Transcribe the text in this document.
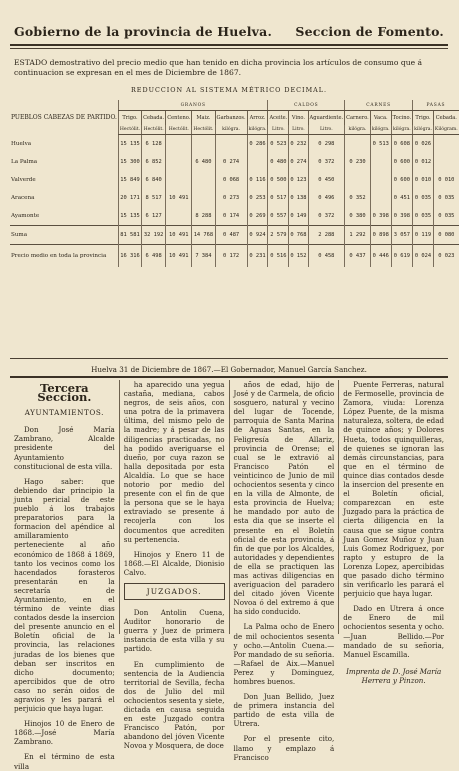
Gobierno de la provincia de Huelva. Seccion de Fomento.
ESTADO demostrativo del precio medio que han tenido en dicha provincia los artículos de consumo que á continuacion se expresan en el mes de Diciembre de 1867.
REDUCCION AL SISTEMA MÉTRICO DECIMAL.
PUEBLOS CABEZAS DE PARTIDO.	GRANOS						CALDOS			CARNES			PASAS	
	Trigo.	Cebada.	Centeno.	Maiz.	Garbanzos.	Arroz.	Aceite.	Vino.	Aguardiente.	Carnero.	Vaca.	Tocino.	Trigo.	Cebada.
	Hectólit.	Hectólit.	Hectólit.	Hectólit.	kilógra.	kilógra.	Litro.	Litro.	Litro.	kilógra.	kilógra.	kilógra.	kilógra.	Kilógram.
Huelva	15 135	6 128				0 286	0 523	0 232	0 298		0 513	0 608	0 026	
La Palma	15 300	6 852		6 480	0 274		0 480	0 274	0 372	0 230		0 600	0 012	
Valverde	15 849	6 840			0 068	0 116	0 500	0 123	0 450			0 600	0 010	0 010
Aracena	20 171	8 517	10 491		0 273	0 253	0 517	0 138	0 496	0 352		0 451	0 035	0 035
Ayamonte	15 135	6 127		8 288	0 174	0 269	0 557	0 149	0 372	0 380	0 398	0 398	0 035	0 035
Suma	81 581	32 192	10 491	14 768	0 487	0 924	2 579	0 768	2 288	1 292	0 898	3 057	0 119	0 080
Precio medio en toda la provincia	16 316	6 498	10 491	7 384	0 172	0 231	0 516	0 152	0 458	0 437	0 446	0 619	0 024	0 023
Huelva 31 de Diciembre de 1867.—El Gobernador, Manuel García Sanchez.
Tercera Seccion.
AYUNTAMIENTOS.

Don José María Zambrano, Alcalde presidente del Ayuntamiento constitucional de esta villa.

Hago saber: que debiendo dar principio la junta pericial de este pueblo á los trabajos preparatorios para la formacion del apéndice al amillaramiento perteneciente al año económico de 1868 á 1869, tanto los vecinos como los hacendados forasteros presentarán en la secretaría de Ayuntamiento, en el término de veinte dias contados desde la insercion del presente anuncio en el Boletín oficial de la provincia, las relaciones juradas de los bienes que deban ser inscritos en dicho documento; apercibidos que de otro caso no serán oidos de agravios y les parará el perjuicio que haya lugar.

Hinojos 10 de Enero de 1868.—José María Zambrano.

En el término de esta villa

ha aparecido una yegua castaña, mediana, cabos negros, de seis años, con una potra de la primavera última, del mismo pelo de la madre; y á pesar de las diligencias practicadas, no ha podido averiguarse el dueño, por cuya razon se halla depositada por esta Alcaldía. Lo que se hace notorio por medio del presente con el fin de que la persona que se le haya extraviado se presente á recojerla con los documentos que acrediten su pertenencia.

Hinojos y Enero 11 de 1868.—El Alcalde, Dionisio Calvo.

JUZGADOS.

Don Antolin Cuena, Auditor honorario de guerra y Juez de primera instancia de esta villa y su partido.

En cumplimiento de sentencia de la Audiencia territorial de Sevilla, fecha dos de Julio del mil ochocientos sesenta y siete, dictada en causa seguida en este Juzgado contra Francisco Patón, por abandono del jóven Vicente Novoa y Mosquera, de doce

años de edad, hijo de José y de Carmela, de oficio sosguero, natural y vecino del lugar de Tocende, parroquia de Santa Marina de Aguas Santas, en la Feligresía de Allariz, provincia de Orense; el cual se le extravió al Francisco Patón el veinticinco de Junio de mil ochocientos sesenta y cinco en la villa de Almonte, de esta provincia de Huelva; he mandado por auto de esta dia que se inserte el presente en el Boletín oficial de esta provincia, á fin de que por los Alcaldes, autoridades y dependientes de ella se practiquen las mas activas diligencias en averiguacion del paradero del citado jóven Vicente Novoa ó del extremo á que ha sido conducido.

La Palma ocho de Enero de mil ochocientos sesenta y ocho.—Antolin Cuena.—Por mandado de su señoria.—Rafael de Aix.—Manuel Perez y Dominguez, hombres buenos.

Don Juan Bellido, Juez de primera instancia del partido de esta villa de Utrera.

Por el presente cito, llamo y emplazo á Francisco

Puente Ferreras, natural de Fermoselle, provincia de Zamora, viuda: Lorenza López Puente, de la misma naturaleza, soltera, de edad de quince años; y Dolores Hueta, todos quinquilleras, de quienes se ignoran las demás circunstancias, para que en el término de quince dias contados desde la insercion del presente en el Boletín oficial, comparezcan en este Juzgado para la práctica de cierta diligencia en la causa que se sigue contra Juan Gomez Muñoz y Juan Luis Gomez Rodriguez, por rapto y estupro de la Lorenza Lopez, apercibidas que pasado dicho término sin verificarlo les parará el perjuicio que haya lugar.

Dado en Utrera á once de Enero de mil ochocientos sesenta y ocho.—Juan Bellido.—Por mandado de su señoria, Manuel Escamilla.

Imprenta de D. José María Herrera y Pinzon.
